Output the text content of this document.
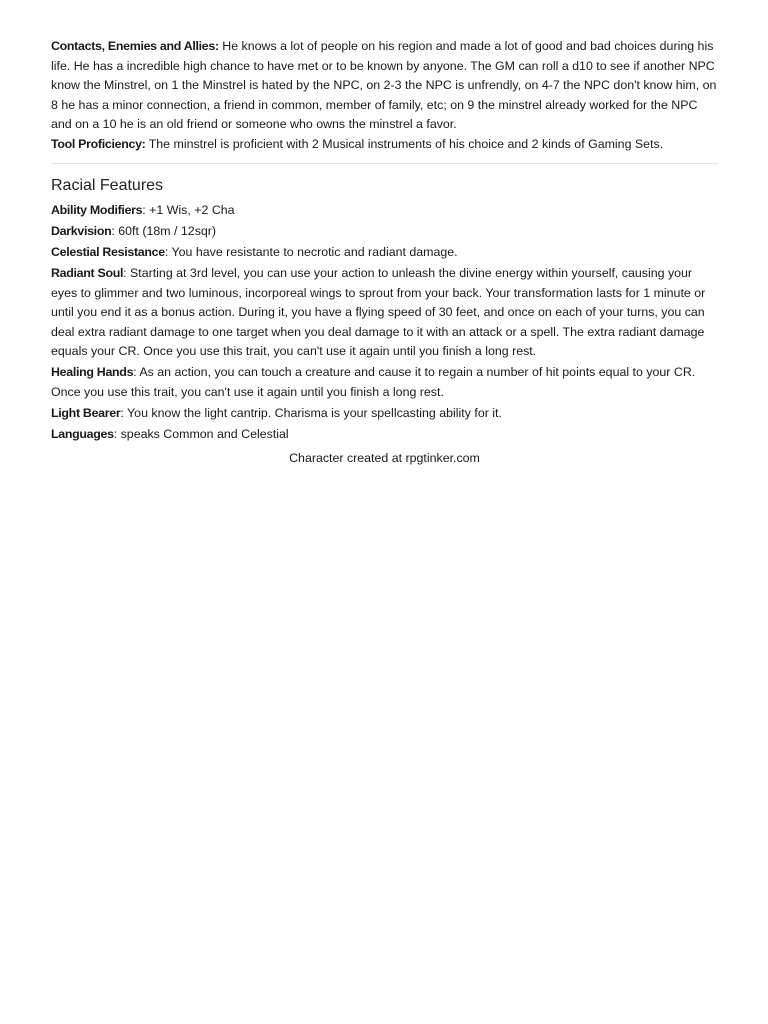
Contacts, Enemies and Allies: He knows a lot of people on his region and made a lot of good and bad choices during his life. He has a incredible high chance to have met or to be known by anyone. The GM can roll a d10 to see if another NPC know the Minstrel, on 1 the Minstrel is hated by the NPC, on 2-3 the NPC is unfrendly, on 4-7 the NPC don't know him, on 8 he has a minor connection, a friend in common, member of family, etc; on 9 the minstrel already worked for the NPC and on a 10 he is an old friend or someone who owns the minstrel a favor.

Tool Proficiency: The minstrel is proficient with 2 Musical instruments of his choice and 2 kinds of Gaming Sets.

Racial Features

Ability Modifiers: +1 Wis, +2 Cha

Darkvision: 60ft (18m / 12sqr)

Celestial Resistance: You have resistante to necrotic and radiant damage.

Radiant Soul: Starting at 3rd level, you can use your action to unleash the divine energy within yourself, causing your eyes to glimmer and two luminous, incorporeal wings to sprout from your back. Your transformation lasts for 1 minute or until you end it as a bonus action. During it, you have a flying speed of 30 feet, and once on each of your turns, you can deal extra radiant damage to one target when you deal damage to it with an attack or a spell. The extra radiant damage equals your CR. Once you use this trait, you can't use it again until you finish a long rest.

Healing Hands: As an action, you can touch a creature and cause it to regain a number of hit points equal to your CR. Once you use this trait, you can't use it again until you finish a long rest.

Light Bearer: You know the light cantrip. Charisma is your spellcasting ability for it.

Languages: speaks Common and Celestial

Character created at rpgtinker.com
